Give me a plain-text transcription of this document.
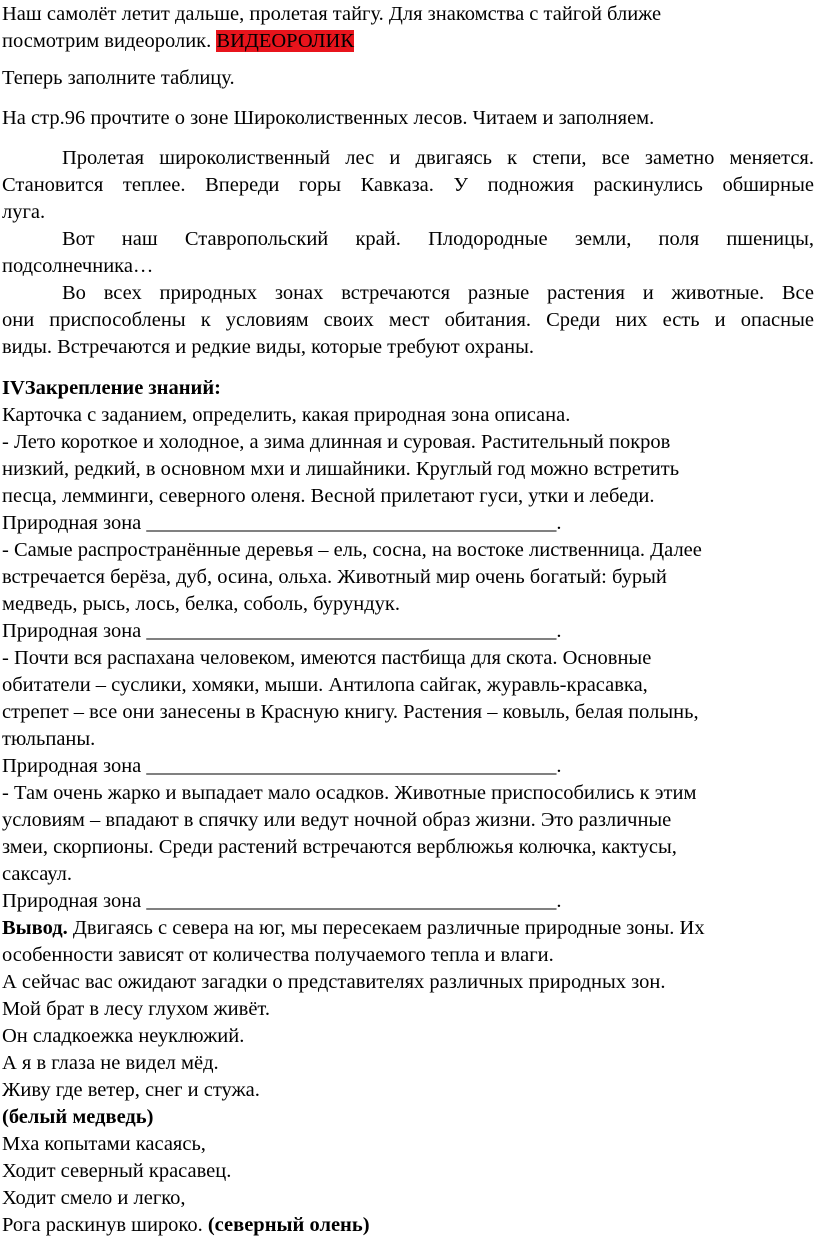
Наш самолёт летит дальше, пролетая тайгу. Для знакомства с тайгой ближе
посмотрим видеоролик. ВИДЕОРОЛИК
Теперь заполните таблицу.
На стр.96 прочтите о зоне Широколиственных лесов. Читаем и заполняем.
Пролетая широколиственный лес и двигаясь к степи, все заметно меняется.
Становится теплее. Впереди горы Кавказа. У подножия раскинулись обширные
луга.
Вот наш Ставропольский край. Плодородные земли, поля пшеницы,
подсолнечника…
Во всех природных зонах встречаются разные растения и животные. Все
они приспособлены к условиям своих мест обитания. Среди них есть и опасные
виды. Встречаются и редкие виды, которые требуют охраны.
IVЗакрепление знаний:
Карточка с заданием, определить, какая природная зона описана.
- Лето короткое и холодное, а зима длинная и суровая. Растительный покров
низкий, редкий, в основном мхи и лишайники. Круглый год можно встретить
песца, лемминги, северного оленя. Весной прилетают гуси, утки и лебеди.
Природная зона ________________________________________.
- Самые распространённые деревья – ель, сосна, на востоке лиственница. Далее
встречается берёза, дуб, осина, ольха. Животный мир очень богатый: бурый
медведь, рысь, лось, белка, соболь, бурундук.
Природная зона ________________________________________.
- Почти вся распахана человеком, имеются пастбища для скота. Основные
обитатели – суслики, хомяки, мыши. Антилопа сайгак, журавль-красавка,
стрепет – все они занесены в Красную книгу. Растения – ковыль, белая полынь,
тюльпаны.
Природная зона ________________________________________.
- Там очень жарко и выпадает мало осадков. Животные приспособились к этим
условиям – впадают в спячку или ведут ночной образ жизни. Это различные
змеи, скорпионы. Среди растений встречаются верблюжья колючка, кактусы,
саксаул.
Природная зона ________________________________________.
Вывод. Двигаясь с севера на юг, мы пересекаем различные природные зоны. Их
особенности зависят от количества получаемого тепла и влаги.
А сейчас вас ожидают загадки о представителях различных природных зон.
Мой брат в лесу глухом живёт.
Он сладкоежка неуклюжий.
А я в глаза не видел мёд.
Живу где ветер, снег и стужа.
(белый медведь)
Мха копытами касаясь,
Ходит северный красавец.
Ходит смело и легко,
Рога раскинув широко. (северный олень)
